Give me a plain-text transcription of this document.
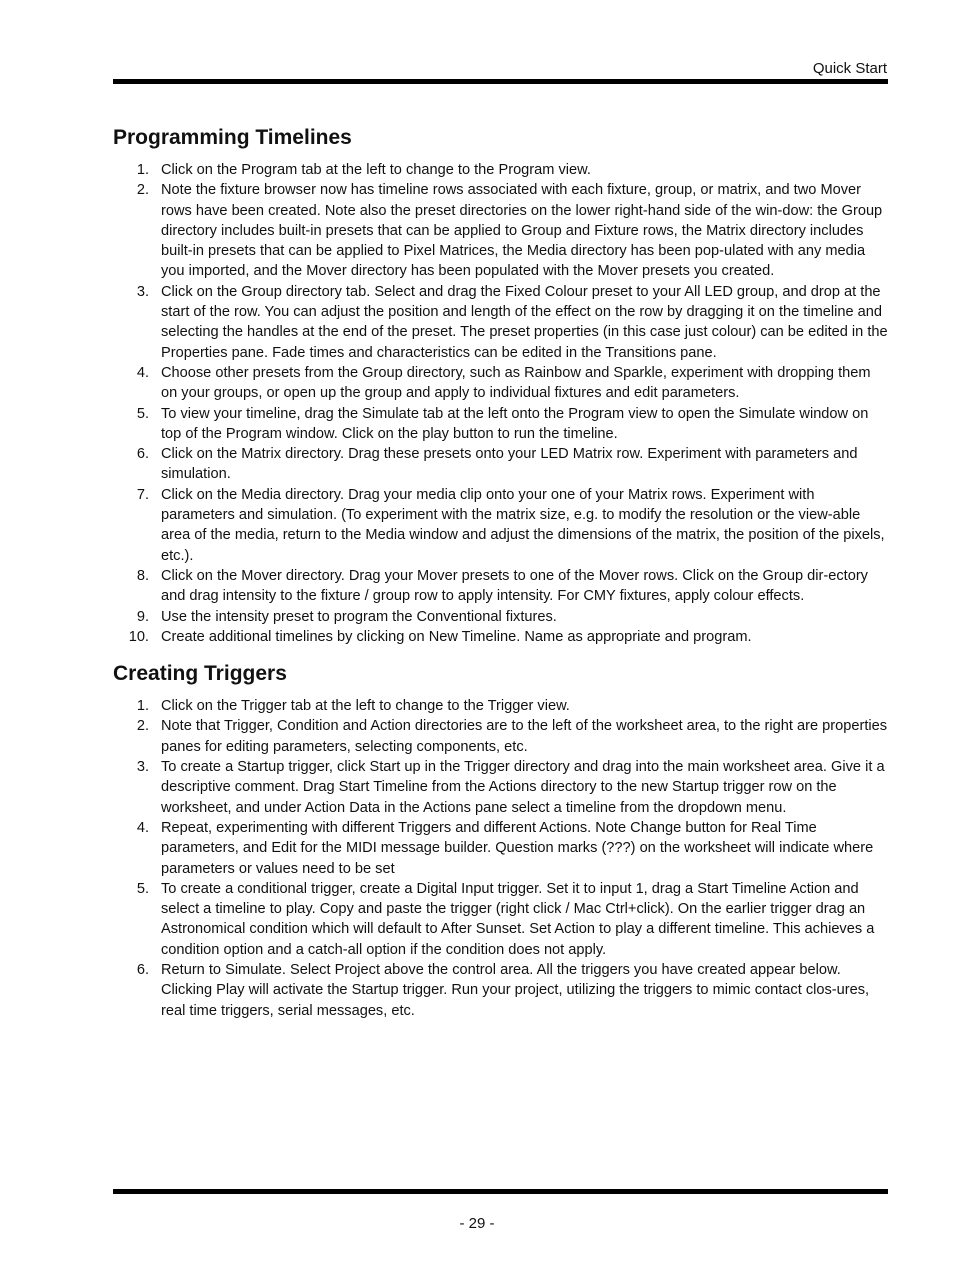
Quick Start
Programming Timelines
1. Click on the Program tab at the left to change to the Program view.
2. Note the fixture browser now has timeline rows associated with each fixture, group, or matrix, and two Mover rows have been created. Note also the preset directories on the lower right-hand side of the win-dow: the Group directory includes built-in presets that can be applied to Group and Fixture rows, the Matrix directory includes built-in presets that can be applied to Pixel Matrices, the Media directory has been pop-ulated with any media you imported, and the Mover directory has been populated with the Mover presets you created.
3. Click on the Group directory tab. Select and drag the Fixed Colour preset to your All LED group, and drop at the start of the row. You can adjust the position and length of the effect on the row by dragging it on the timeline and selecting the handles at the end of the preset. The preset properties (in this case just colour) can be edited in the Properties pane. Fade times and characteristics can be edited in the Transitions pane.
4. Choose other presets from the Group directory, such as Rainbow and Sparkle, experiment with dropping them on your groups, or open up the group and apply to individual fixtures and edit parameters.
5. To view your timeline, drag the Simulate tab at the left onto the Program view to open the Simulate window on top of the Program window. Click on the play button to run the timeline.
6. Click on the Matrix directory. Drag these presets onto your LED Matrix row. Experiment with parameters and simulation.
7. Click on the Media directory. Drag your media clip onto your one of your Matrix rows. Experiment with parameters and simulation. (To experiment with the matrix size, e.g. to modify the resolution or the view-able area of the media, return to the Media window and adjust the dimensions of the matrix, the position of the pixels, etc.).
8. Click on the Mover directory. Drag your Mover presets to one of the Mover rows. Click on the Group dir-ectory and drag intensity to the fixture / group row to apply intensity. For CMY fixtures, apply colour effects.
9. Use the intensity preset to program the Conventional fixtures.
10. Create additional timelines by clicking on New Timeline. Name as appropriate and program.
Creating Triggers
1. Click on the Trigger tab at the left to change to the Trigger view.
2. Note that Trigger, Condition and Action directories are to the left of the worksheet area, to the right are properties panes for editing parameters, selecting components, etc.
3. To create a Startup trigger, click Start up in the Trigger directory and drag into the main worksheet area. Give it a descriptive comment. Drag Start Timeline from the Actions directory to the new Startup trigger row on the worksheet, and under Action Data in the Actions pane select a timeline from the dropdown menu.
4. Repeat, experimenting with different Triggers and different Actions. Note Change button for Real Time parameters, and Edit for the MIDI message builder. Question marks (???) on the worksheet will indicate where parameters or values need to be set
5. To create a conditional trigger, create a Digital Input trigger. Set it to input 1, drag a Start Timeline Action and select a timeline to play. Copy and paste the trigger (right click / Mac Ctrl+click). On the earlier trigger drag an Astronomical condition which will default to After Sunset. Set Action to play a different timeline. This achieves a condition option and a catch-all option if the condition does not apply.
6. Return to Simulate. Select Project above the control area. All the triggers you have created appear below. Clicking Play will activate the Startup trigger. Run your project, utilizing the triggers to mimic contact clos-ures, real time triggers, serial messages, etc.
- 29 -
